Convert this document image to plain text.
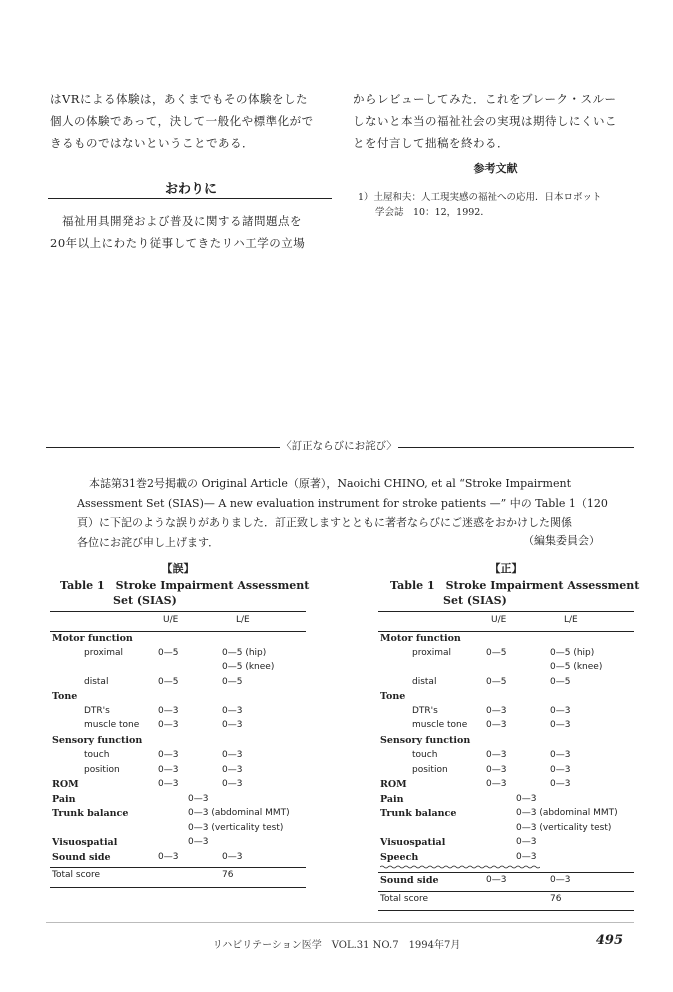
はVRによる体験は，あくまでもその体験をした
個人の体験であって，決して一般化や標準化がで
きるものではないということである．
おわりに
福祉用具開発および普及に関する諸問題点を
20年以上にわたり従事してきたリハ工学の立場
からレビューしてみた．これをブレーク・スルー
しないと本当の福祉社会の実現は期待しにくいこ
とを付言して拙稿を終わる．
参考文献
1）土屋和夫：人工現実感の福祉への応用．日本ロボット
学会誌　10：12，1992．
〈訂正ならびにお詫び〉
本誌第31巻2号掲載の Original Article（原著），Naoichi CHINO, et al “Stroke Impairment
Assessment Set (SIAS)— A new evaluation instrument for stroke patients —” 中の Table 1（120
頁）に下記のような誤りがありました．訂正致しますとともに著者ならびにご迷惑をおかけした関係
各位にお詫び申し上げます．	（編集委員会）
【誤】
Table 1　Stroke Impairment Assessment
Set (SIAS)
U/E	L/E
Motor function
proximal	0—5	0—5 (hip)
0—5 (knee)
distal	0—5	0—5
Tone
DTR's	0—3	0—3
muscle tone 0—3	0—3
Sensory function
touch	0—3	0—3
position	0—3	0—3
ROM	0—3	0—3
Pain	0—3
Trunk balance	0—3 (abdominal MMT)
0—3 (verticality test)
Visuospatial	0—3
Sound side	0—3	0—3
Total score	76
【正】
Table 1　Stroke Impairment Assessment
Set (SIAS)
U/E	L/E
Motor function
proximal	0—5	0—5 (hip)
0—5 (knee)
distal	0—5	0—5
Tone
DTR's	0—3	0—3
muscle tone 0—3	0—3
Sensory function
touch	0—3	0—3
position	0—3	0—3
ROM	0—3	0—3
Pain	0—3
Trunk balance	0—3 (abdominal MMT)
0—3 (verticality test)
Visuospatial	0—3
Speech	0—3
Sound side	0—3	0—3
Total score	76
リハビリテーション医学　VOL.31 NO.7　1994年7月	495
